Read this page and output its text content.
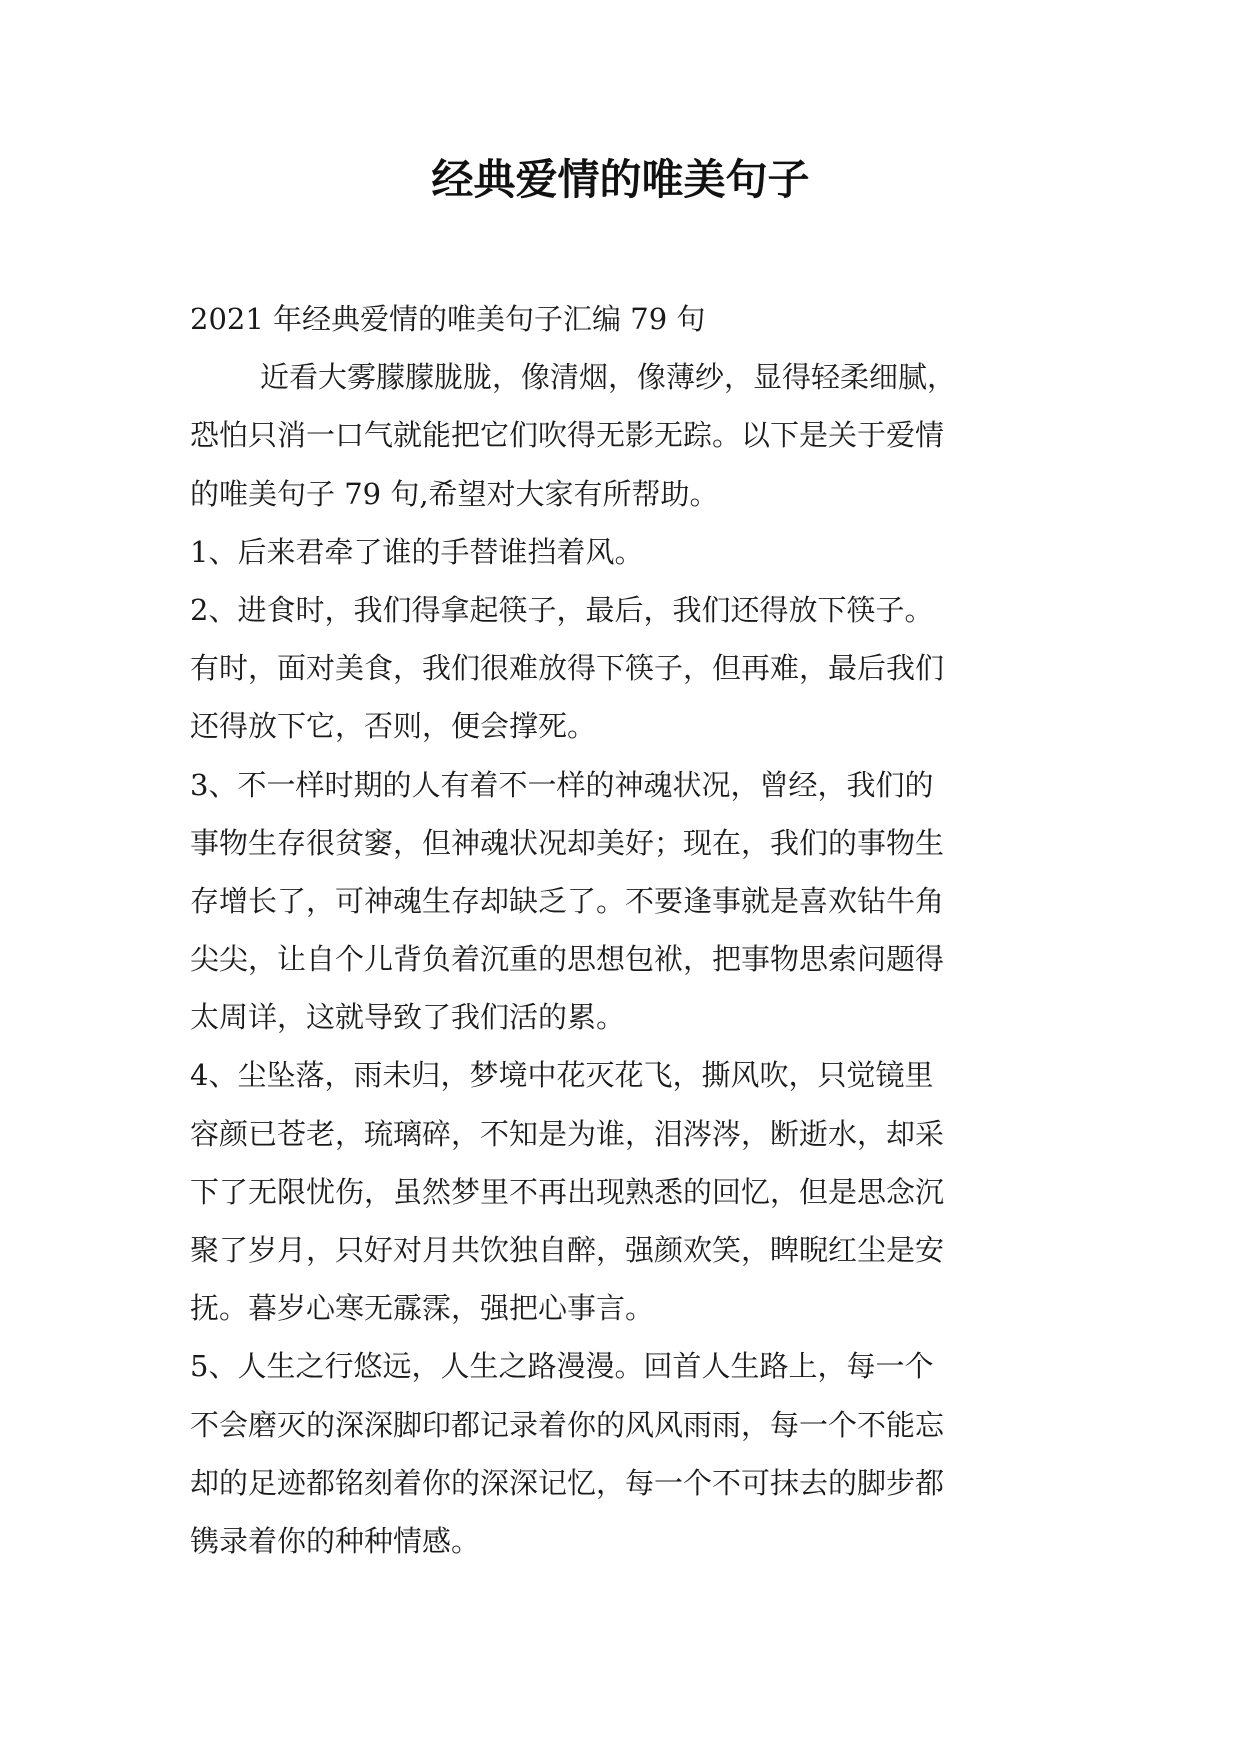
经典爱情的唯美句子
2021 年经典爱情的唯美句子汇编 79 句
近看大雾朦朦胧胧，像清烟，像薄纱，显得轻柔细腻，
恐怕只消一口气就能把它们吹得无影无踪。以下是关于爱情
的唯美句子 79 句,希望对大家有所帮助。
1、后来君牵了谁的手替谁挡着风。
2、进食时，我们得拿起筷子，最后，我们还得放下筷子。
有时，面对美食，我们很难放得下筷子，但再难，最后我们
还得放下它，否则，便会撑死。
3、不一样时期的人有着不一样的神魂状况，曾经，我们的
事物生存很贫窭，但神魂状况却美好；现在，我们的事物生
存增长了，可神魂生存却缺乏了。不要逢事就是喜欢钻牛角
尖尖，让自个儿背负着沉重的思想包袱，把事物思索问题得
太周详，这就导致了我们活的累。
4、尘坠落，雨未归，梦境中花灭花飞，撕风吹，只觉镜里
容颜已苍老，琉璃碎，不知是为谁，泪涔涔，断逝水，却采
下了无限忧伤，虽然梦里不再出现熟悉的回忆，但是思念沉
聚了岁月，只好对月共饮独自醉，强颜欢笑，睥睨红尘是安
抚。暮岁心寒无霡霂，强把心事言。
5、人生之行悠远，人生之路漫漫。回首人生路上，每一个
不会磨灭的深深脚印都记录着你的风风雨雨，每一个不能忘
却的足迹都铭刻着你的深深记忆，每一个不可抹去的脚步都
镌录着你的种种情感。
